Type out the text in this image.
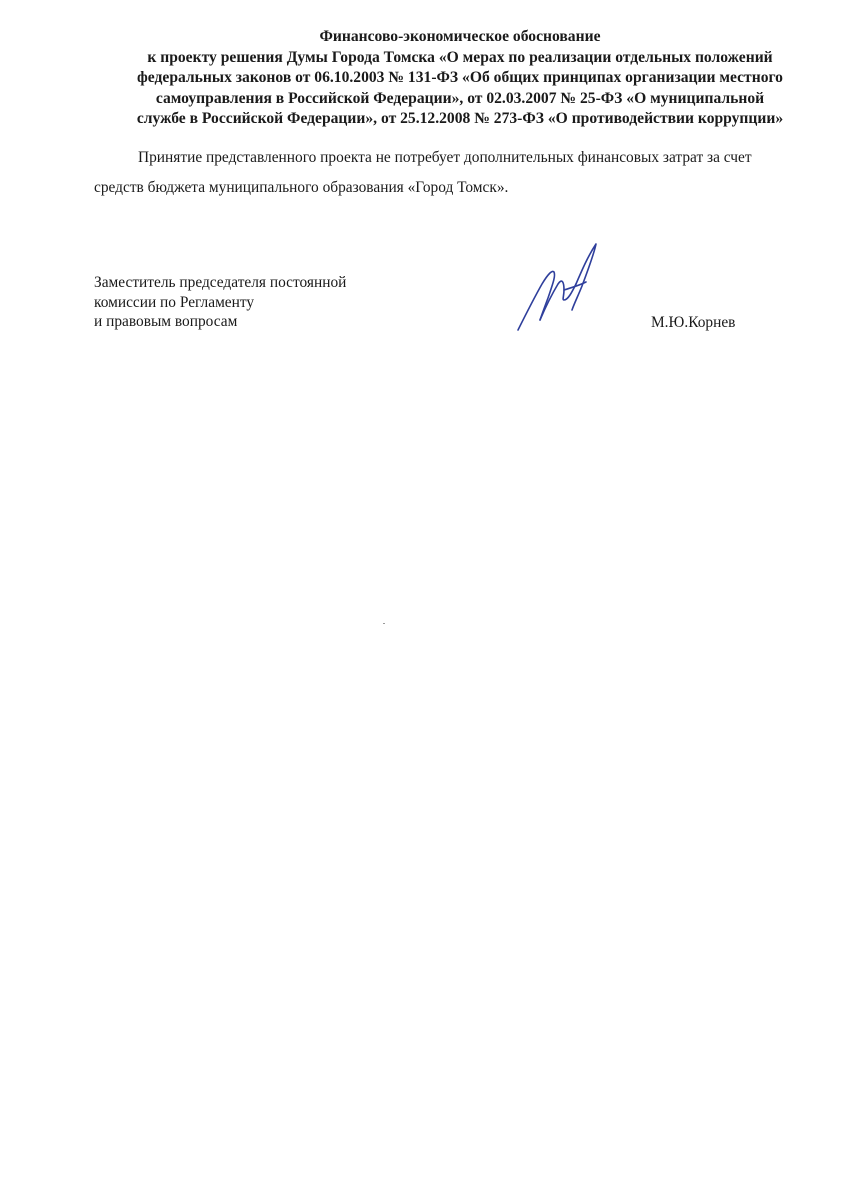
Финансово-экономическое обоснование
к проекту решения Думы Города Томска «О мерах по реализации отдельных положений
федеральных законов от 06.10.2003 № 131-ФЗ «Об общих принципах организации местного
самоуправления в Российской Федерации», от 02.03.2007 № 25-ФЗ «О муниципальной
службе в Российской Федерации», от 25.12.2008 № 273-ФЗ «О противодействии коррупции»
Принятие представленного проекта не потребует дополнительных финансовых затрат за счет
средств бюджета муниципального образования «Город Томск».
Заместитель председателя постоянной
комиссии по Регламенту
и правовым вопросам	М.Ю.Корнев
